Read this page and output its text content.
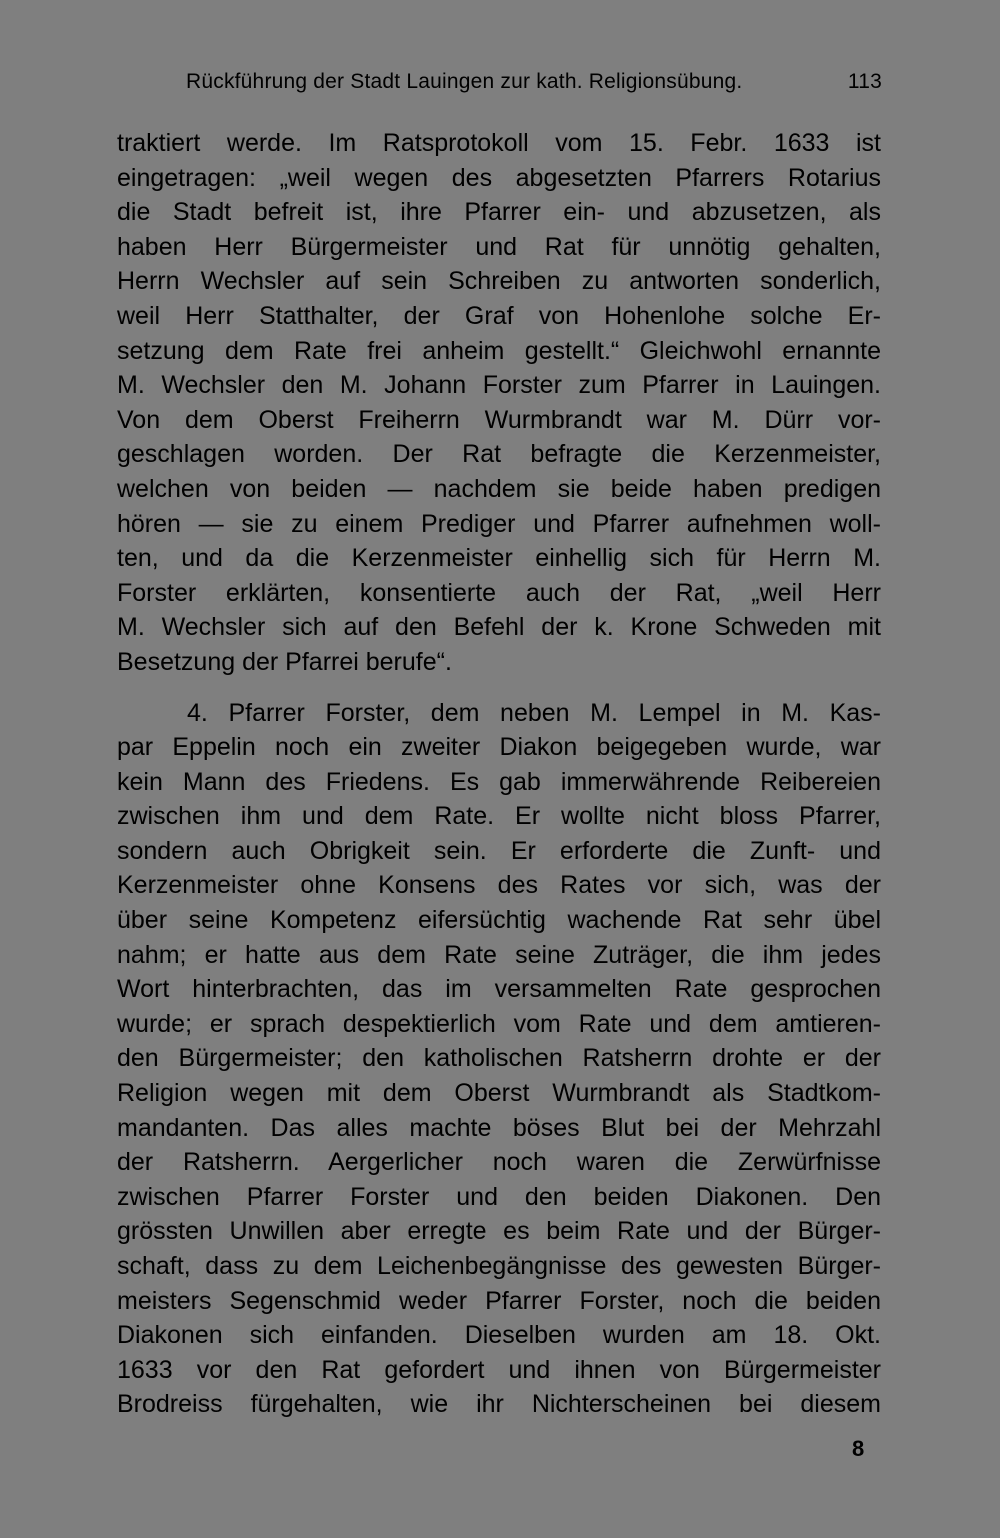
Rückführung der Stadt Lauingen zur kath. Religionsübung.	113
traktiert werde. Im Ratsprotokoll vom 15. Febr. 1633 ist
eingetragen: „weil wegen des abgesetzten Pfarrers Rotarius
die Stadt befreit ist, ihre Pfarrer ein- und abzusetzen, als
haben Herr Bürgermeister und Rat für unnötig gehalten,
Herrn Wechsler auf sein Schreiben zu antworten sonderlich,
weil Herr Statthalter, der Graf von Hohenlohe solche Er-
setzung dem Rate frei anheim gestellt.“ Gleichwohl ernannte
M. Wechsler den M. Johann Forster zum Pfarrer in Lauingen.
Von dem Oberst Freiherrn Wurmbrandt war M. Dürr vor-
geschlagen worden. Der Rat befragte die Kerzenmeister,
welchen von beiden — nachdem sie beide haben predigen
hören — sie zu einem Prediger und Pfarrer aufnehmen woll-
ten, und da die Kerzenmeister einhellig sich für Herrn M.
Forster erklärten, konsentierte auch der Rat, „weil Herr
M. Wechsler sich auf den Befehl der k. Krone Schweden mit
Besetzung der Pfarrei berufe“.
4. Pfarrer Forster, dem neben M. Lempel in M. Kas-
par Eppelin noch ein zweiter Diakon beigegeben wurde, war
kein Mann des Friedens. Es gab immerwährende Reibereien
zwischen ihm und dem Rate. Er wollte nicht bloss Pfarrer,
sondern auch Obrigkeit sein. Er erforderte die Zunft- und
Kerzenmeister ohne Konsens des Rates vor sich, was der
über seine Kompetenz eifersüchtig wachende Rat sehr übel
nahm; er hatte aus dem Rate seine Zuträger, die ihm jedes
Wort hinterbrachten, das im versammelten Rate gesprochen
wurde; er sprach despektierlich vom Rate und dem amtieren-
den Bürgermeister; den katholischen Ratsherrn drohte er der
Religion wegen mit dem Oberst Wurmbrandt als Stadtkom-
mandanten. Das alles machte böses Blut bei der Mehrzahl
der Ratsherrn. Aergerlicher noch waren die Zerwürfnisse
zwischen Pfarrer Forster und den beiden Diakonen. Den
grössten Unwillen aber erregte es beim Rate und der Bürger-
schaft, dass zu dem Leichenbegängnisse des gewesten Bürger-
meisters Segenschmid weder Pfarrer Forster, noch die beiden
Diakonen sich einfanden. Dieselben wurden am 18. Okt.
1633 vor den Rat gefordert und ihnen von Bürgermeister
Brodreiss fürgehalten, wie ihr Nichterscheinen bei diesem
8
